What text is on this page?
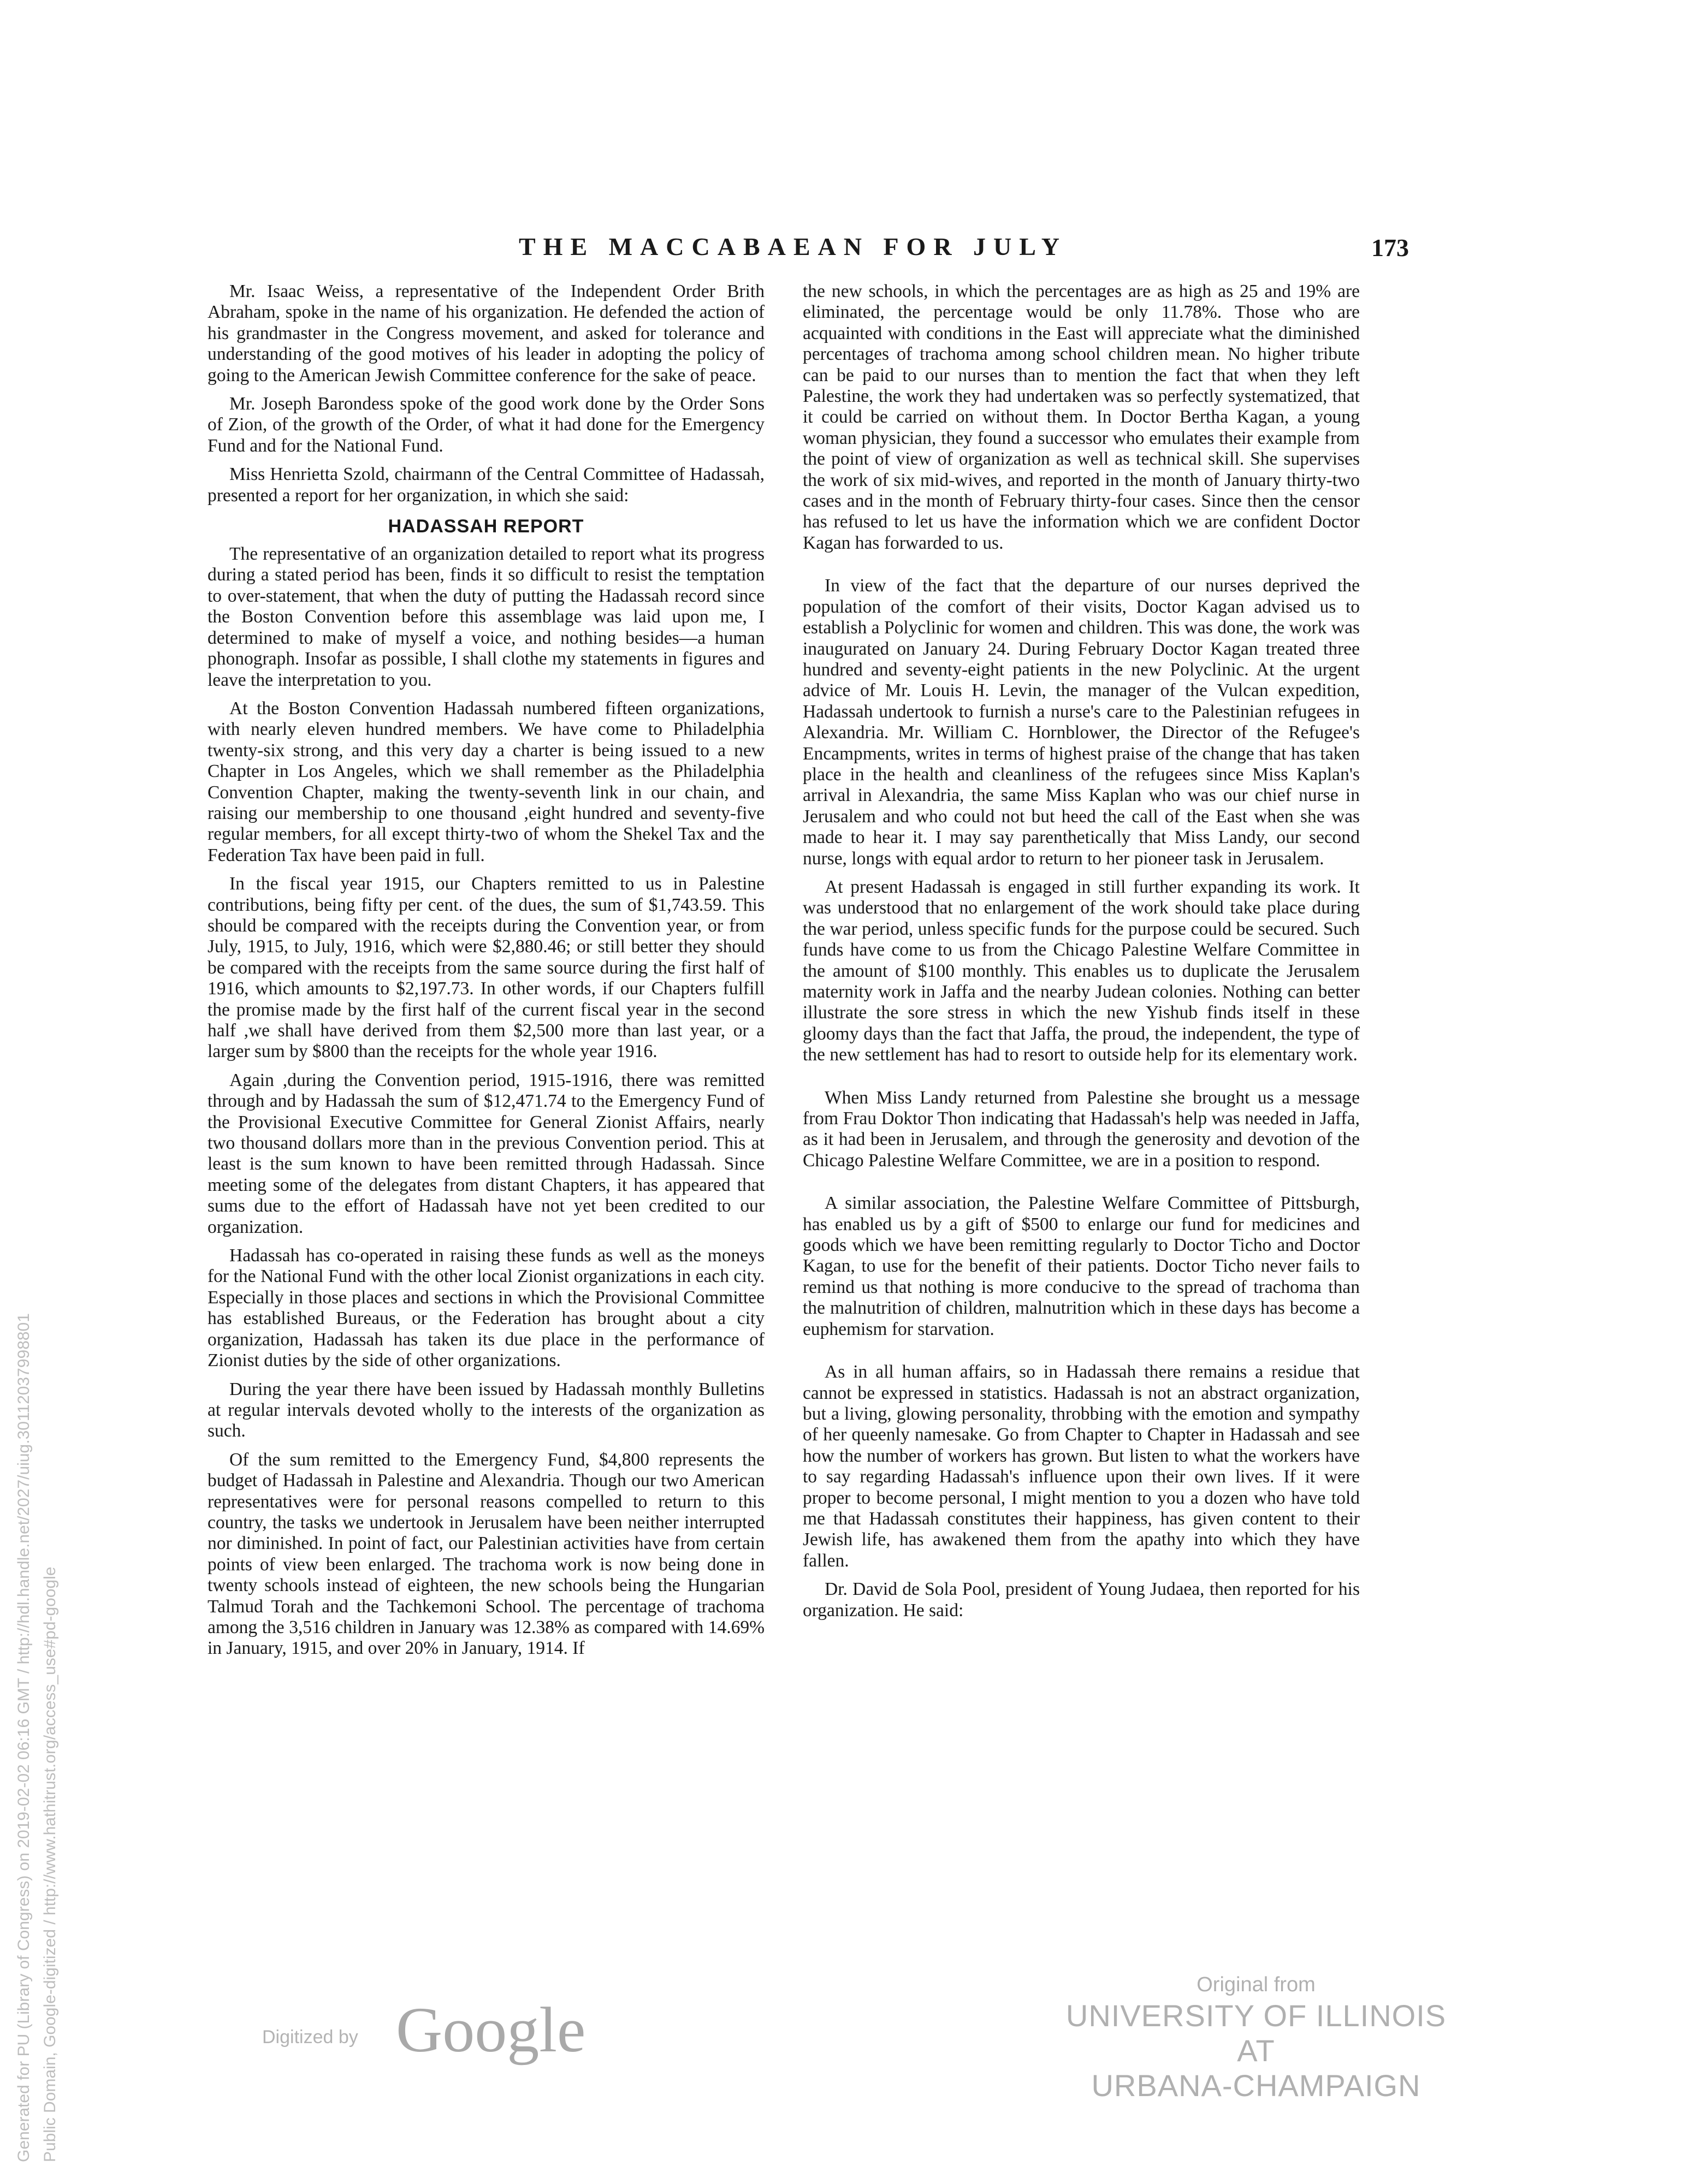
THE MACCABAEAN FOR JULY	173

Mr. Isaac Weiss, a representative of the Independent Order Brith Abraham, spoke in the name of his organization. He defended the action of his grandmaster in the Congress movement, and asked for tolerance and understanding of the good motives of his leader in adopting the policy of going to the American Jewish Committee conference for the sake of peace.

Mr. Joseph Barondess spoke of the good work done by the Order Sons of Zion, of the growth of the Order, of what it had done for the Emergency Fund and for the National Fund.

Miss Henrietta Szold, chairmann of the Central Committee of Hadassah, presented a report for her organization, in which she said:

HADASSAH REPORT

The representative of an organization detailed to report what its progress during a stated period has been, finds it so difficult to resist the temptation to over-statement, that when the duty of putting the Hadassah record since the Boston Convention before this assemblage was laid upon me, I determined to make of myself a voice, and nothing besides—a human phonograph. Insofar as possible, I shall clothe my statements in figures and leave the interpretation to you.

At the Boston Convention Hadassah numbered fifteen organizations, with nearly eleven hundred members. We have come to Philadelphia twenty-six strong, and this very day a charter is being issued to a new Chapter in Los Angeles, which we shall remember as the Philadelphia Convention Chapter, making the twenty-seventh link in our chain, and raising our membership to one thousand ,eight hundred and seventy-five regular members, for all except thirty-two of whom the Shekel Tax and the Federation Tax have been paid in full.

In the fiscal year 1915, our Chapters remitted to us in Palestine contributions, being fifty per cent. of the dues, the sum of $1,743.59. This should be compared with the receipts during the Convention year, or from July, 1915, to July, 1916, which were $2,880.46; or still better they should be compared with the receipts from the same source during the first half of 1916, which amounts to $2,197.73. In other words, if our Chapters fulfill the promise made by the first half of the current fiscal year in the second half ,we shall have derived from them $2,500 more than last year, or a larger sum by $800 than the receipts for the whole year 1916.

Again ,during the Convention period, 1915-1916, there was remitted through and by Hadassah the sum of $12,471.74 to the Emergency Fund of the Provisional Executive Committee for General Zionist Affairs, nearly two thousand dollars more than in the previous Convention period. This at least is the sum known to have been remitted through Hadassah. Since meeting some of the delegates from distant Chapters, it has appeared that sums due to the effort of Hadassah have not yet been credited to our organization.

Hadassah has co-operated in raising these funds as well as the moneys for the National Fund with the other local Zionist organizations in each city. Especially in those places and sections in which the Provisional Committee has established Bureaus, or the Federation has brought about a city organization, Hadassah has taken its due place in the performance of Zionist duties by the side of other organizations.

During the year there have been issued by Hadassah monthly Bulletins at regular intervals devoted wholly to the interests of the organization as such.

Of the sum remitted to the Emergency Fund, $4,800 represents the budget of Hadassah in Palestine and Alexandria. Though our two American representatives were for personal reasons compelled to return to this country, the tasks we undertook in Jerusalem have been neither interrupted nor diminished. In point of fact, our Palestinian activities have from certain points of view been enlarged. The trachoma work is now being done in twenty schools instead of eighteen, the new schools being the Hungarian Talmud Torah and the Tachkemoni School. The percentage of trachoma among the 3,516 children in January was 12.38% as compared with 14.69% in January, 1915, and over 20% in January, 1914. If

the new schools, in which the percentages are as high as 25 and 19% are eliminated, the percentage would be only 11.78%. Those who are acquainted with conditions in the East will appreciate what the diminished percentages of trachoma among school children mean. No higher tribute can be paid to our nurses than to mention the fact that when they left Palestine, the work they had undertaken was so perfectly systematized, that it could be carried on without them. In Doctor Bertha Kagan, a young woman physician, they found a successor who emulates their example from the point of view of organization as well as technical skill. She supervises the work of six mid-wives, and reported in the month of January thirty-two cases and in the month of February thirty-four cases. Since then the censor has refused to let us have the information which we are confident Doctor Kagan has forwarded to us.

In view of the fact that the departure of our nurses deprived the population of the comfort of their visits, Doctor Kagan advised us to establish a Polyclinic for women and children. This was done, the work was inaugurated on January 24. During February Doctor Kagan treated three hundred and seventy-eight patients in the new Polyclinic. At the urgent advice of Mr. Louis H. Levin, the manager of the Vulcan expedition, Hadassah undertook to furnish a nurse's care to the Palestinian refugees in Alexandria. Mr. William C. Hornblower, the Director of the Refugee's Encampments, writes in terms of highest praise of the change that has taken place in the health and cleanliness of the refugees since Miss Kaplan's arrival in Alexandria, the same Miss Kaplan who was our chief nurse in Jerusalem and who could not but heed the call of the East when she was made to hear it. I may say parenthetically that Miss Landy, our second nurse, longs with equal ardor to return to her pioneer task in Jerusalem.

At present Hadassah is engaged in still further expanding its work. It was understood that no enlargement of the work should take place during the war period, unless specific funds for the purpose could be secured. Such funds have come to us from the Chicago Palestine Welfare Committee in the amount of $100 monthly. This enables us to duplicate the Jerusalem maternity work in Jaffa and the nearby Judean colonies. Nothing can better illustrate the sore stress in which the new Yishub finds itself in these gloomy days than the fact that Jaffa, the proud, the independent, the type of the new settlement has had to resort to outside help for its elementary work.

When Miss Landy returned from Palestine she brought us a message from Frau Doktor Thon indicating that Hadassah's help was needed in Jaffa, as it had been in Jerusalem, and through the generosity and devotion of the Chicago Palestine Welfare Committee, we are in a position to respond.

A similar association, the Palestine Welfare Committee of Pittsburgh, has enabled us by a gift of $500 to enlarge our fund for medicines and goods which we have been remitting regularly to Doctor Ticho and Doctor Kagan, to use for the benefit of their patients. Doctor Ticho never fails to remind us that nothing is more conducive to the spread of trachoma than the malnutrition of children, malnutrition which in these days has become a euphemism for starvation.

As in all human affairs, so in Hadassah there remains a residue that cannot be expressed in statistics. Hadassah is not an abstract organization, but a living, glowing personality, throbbing with the emotion and sympathy of her queenly namesake. Go from Chapter to Chapter in Hadassah and see how the number of workers has grown. But listen to what the workers have to say regarding Hadassah's influence upon their own lives. If it were proper to become personal, I might mention to you a dozen who have told me that Hadassah constitutes their happiness, has given content to their Jewish life, has awakened them from the apathy into which they have fallen.

Dr. David de Sola Pool, president of Young Judaea, then reported for his organization. He said:

Generated for PU (Library of Congress) on 2019-02-02 06:16 GMT / http://hdl.handle.net/2027/uiug.30112037998801 Public Domain, Google-digitized / http://www.hathitrust.org/access_use#pd-google	Digitized by Google
Original from
UNIVERSITY OF ILLINOIS AT
URBANA-CHAMPAIGN
